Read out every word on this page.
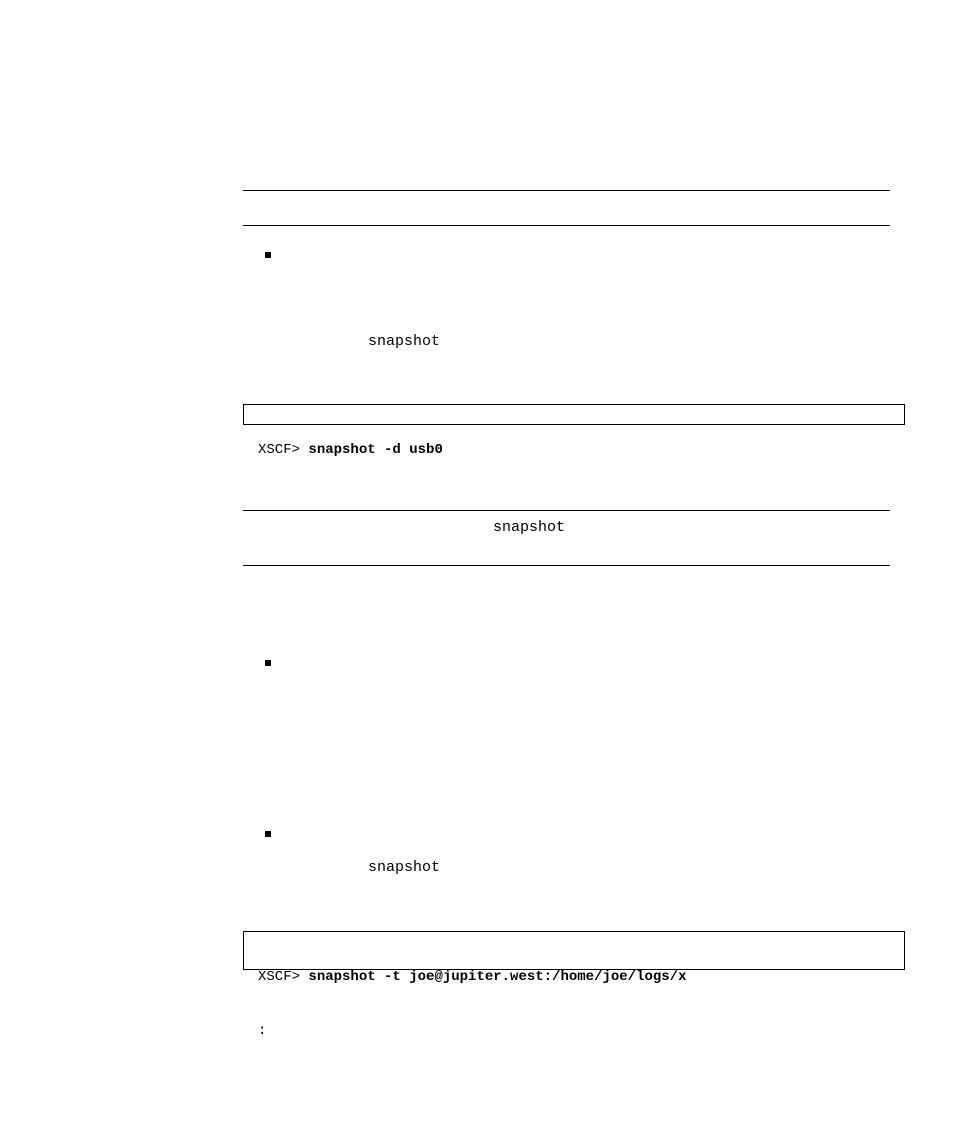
snapshot

XSCF> snapshot -d usb0

snapshot
snapshot

XSCF> snapshot -t joe@jupiter.west:/home/joe/logs/x

:
